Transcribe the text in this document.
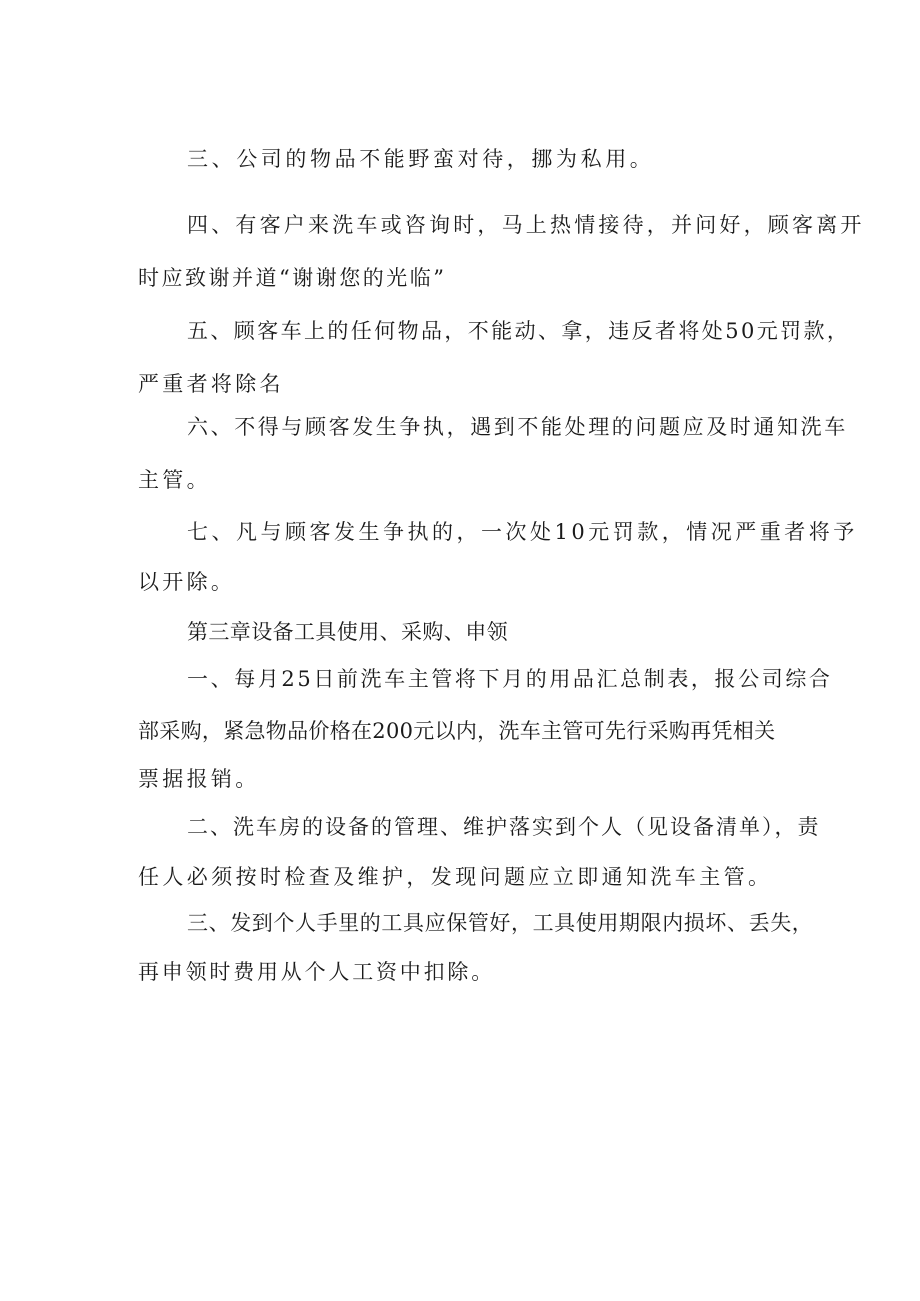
三、公司的物品不能野蛮对待，挪为私用。
四、有客户来洗车或咨询时，马上热情接待，并问好，顾客离开
时应致谢并道“谢谢您的光临”
五、顾客车上的任何物品，不能动、拿，违反者将处50元罚款，
严重者将除名
六、不得与顾客发生争执，遇到不能处理的问题应及时通知洗车
主管。
七、凡与顾客发生争执的，一次处10元罚款，情况严重者将予
以开除。
第三章设备工具使用、采购、申领
一、每月25日前洗车主管将下月的用品汇总制表，报公司综合
部采购，紧急物品价格在200元以内，洗车主管可先行采购再凭相关
票据报销。
二、洗车房的设备的管理、维护落实到个人（见设备清单），责
任人必须按时检查及维护，发现问题应立即通知洗车主管。
三、发到个人手里的工具应保管好，工具使用期限内损坏、丢失，
再申领时费用从个人工资中扣除。
